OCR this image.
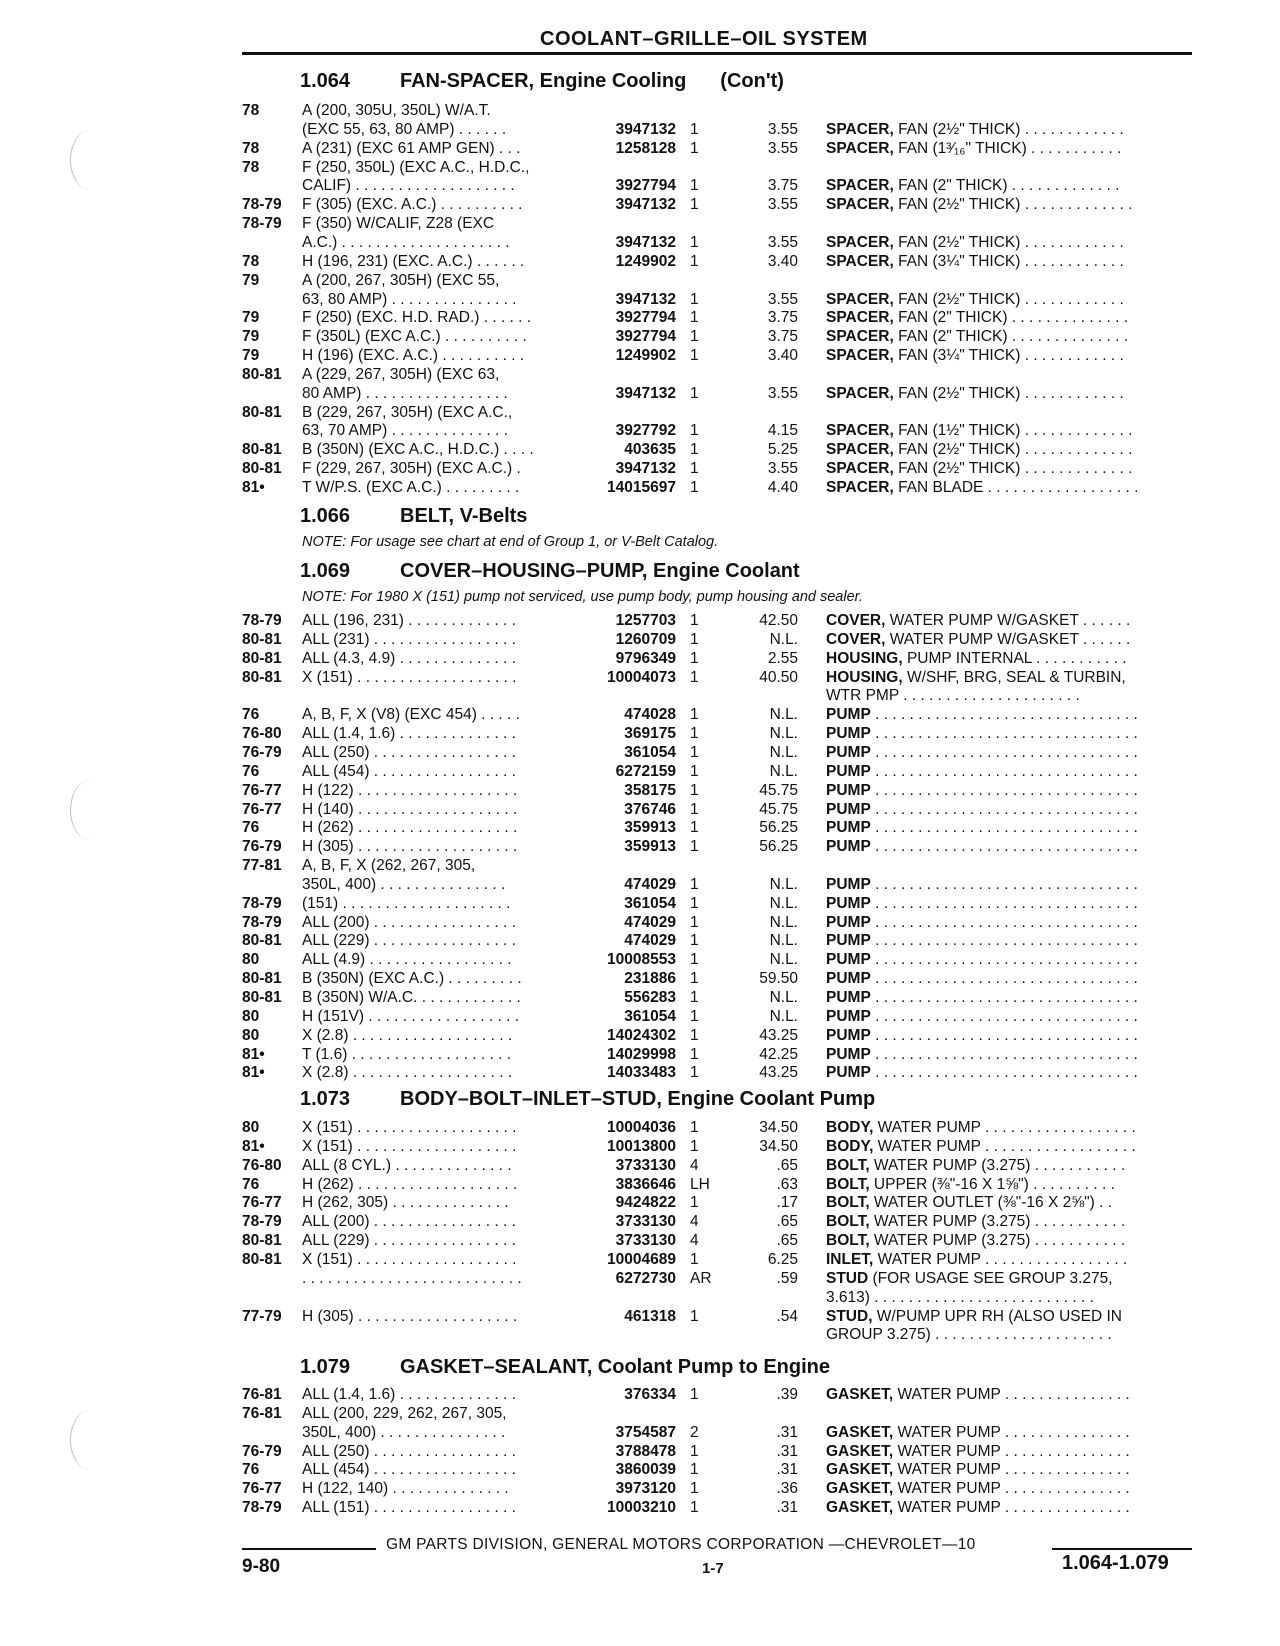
COOLANT–GRILLE–OIL SYSTEM
1.064 FAN-SPACER, Engine Cooling (Con't)
1.066 BELT, V-Belts
1.069 COVER–HOUSING–PUMP, Engine Coolant
1.073 BODY–BOLT–INLET–STUD, Engine Coolant Pump
1.079 GASKET–SEALANT, Coolant Pump to Engine
NOTE: For usage see chart at end of Group 1, or V-Belt Catalog.
NOTE: For 1980 X (151) pump not serviced, use pump body, pump housing and sealer.
78	A (200, 305U, 350L) W/A.T.
(EXC 55, 63, 80 AMP) . . . . . .	3947132 1	3.55 SPACER, FAN (2½" THICK) . . . . . . . . . . . .
78	A (231) (EXC 61 AMP GEN) . . .	1258128 1	3.55 SPACER, FAN (1³⁄₁₆" THICK) . . . . . . . . . . .
78	F (250, 350L) (EXC A.C., H.D.C.,
CALIF) . . . . . . . . . . . . . . . . . . .	3927794 1	3.75 SPACER, FAN (2" THICK) . . . . . . . . . . . . .
78-79 F (305) (EXC. A.C.) . . . . . . . . . .	3947132 1	3.55 SPACER, FAN (2½" THICK) . . . . . . . . . . . . .
78-79 F (350) W/CALIF, Z28 (EXC
A.C.) . . . . . . . . . . . . . . . . . . . .	3947132 1	3.55 SPACER, FAN (2½" THICK) . . . . . . . . . . . .
78	H (196, 231) (EXC. A.C.) . . . . . .	1249902 1	3.40 SPACER, FAN (3¼" THICK) . . . . . . . . . . . .
79	A (200, 267, 305H) (EXC 55,
63, 80 AMP) . . . . . . . . . . . . . . .	3947132 1	3.55 SPACER, FAN (2½" THICK) . . . . . . . . . . . .
79	F (250) (EXC. H.D. RAD.) . . . . . .	3927794 1	3.75 SPACER, FAN (2" THICK) . . . . . . . . . . . . . .
79	F (350L) (EXC A.C.) . . . . . . . . . .	3927794 1	3.75 SPACER, FAN (2" THICK) . . . . . . . . . . . . . .
79	H (196) (EXC. A.C.) . . . . . . . . . .	1249902 1	3.40 SPACER, FAN (3¼" THICK) . . . . . . . . . . . .
80-81 A (229, 267, 305H) (EXC 63,
80 AMP) . . . . . . . . . . . . . . . . .	3947132 1	3.55 SPACER, FAN (2½" THICK) . . . . . . . . . . . .
80-81 B (229, 267, 305H) (EXC A.C.,
63, 70 AMP) . . . . . . . . . . . . . .	3927792 1	4.15 SPACER, FAN (1½" THICK) . . . . . . . . . . . . .
80-81 B (350N) (EXC A.C., H.D.C.) . . . .	403635 1	5.25 SPACER, FAN (2½" THICK) . . . . . . . . . . . . .
80-81 F (229, 267, 305H) (EXC A.C.) .	3947132 1	3.55 SPACER, FAN (2½" THICK) . . . . . . . . . . . . .
81• T W/P.S. (EXC A.C.) . . . . . . . . .	14015697 1	4.40 SPACER, FAN BLADE . . . . . . . . . . . . . . . . . .
78-79 ALL (196, 231) . . . . . . . . . . . . .	1257703 1	42.50 COVER, WATER PUMP W/GASKET . . . . . .
80-81 ALL (231) . . . . . . . . . . . . . . . . .	1260709 1	N.L. COVER, WATER PUMP W/GASKET . . . . . .
80-81 ALL (4.3, 4.9) . . . . . . . . . . . . . .	9796349 1	2.55 HOUSING, PUMP INTERNAL . . . . . . . . . . .
80-81 X (151) . . . . . . . . . . . . . . . . . . .	10004073 1	40.50 HOUSING, W/SHF, BRG, SEAL & TURBIN,
WTR PMP . . . . . . . . . . . . . . . . . . . . .
76	A, B, F, X (V8) (EXC 454) . . . . .	474028 1	N.L. PUMP . . . . . . . . . . . . . . . . . . . . . . . . . . . . . . .
76-80 ALL (1.4, 1.6) . . . . . . . . . . . . . .	369175 1	N.L. PUMP . . . . . . . . . . . . . . . . . . . . . . . . . . . . . . .
76-79 ALL (250) . . . . . . . . . . . . . . . . .	361054 1	N.L. PUMP . . . . . . . . . . . . . . . . . . . . . . . . . . . . . . .
76	ALL (454) . . . . . . . . . . . . . . . . .	6272159 1	N.L. PUMP . . . . . . . . . . . . . . . . . . . . . . . . . . . . . . .
76-77 H (122) . . . . . . . . . . . . . . . . . . .	358175 1	45.75 PUMP . . . . . . . . . . . . . . . . . . . . . . . . . . . . . . .
76-77 H (140) . . . . . . . . . . . . . . . . . . .	376746 1	45.75 PUMP . . . . . . . . . . . . . . . . . . . . . . . . . . . . . . .
76	H (262) . . . . . . . . . . . . . . . . . . .	359913 1	56.25 PUMP . . . . . . . . . . . . . . . . . . . . . . . . . . . . . . .
76-79 H (305) . . . . . . . . . . . . . . . . . . .	359913 1	56.25 PUMP . . . . . . . . . . . . . . . . . . . . . . . . . . . . . . .
77-81 A, B, F, X (262, 267, 305,
350L, 400) . . . . . . . . . . . . . . .	474029 1	N.L. PUMP . . . . . . . . . . . . . . . . . . . . . . . . . . . . . . .
78-79 (151) . . . . . . . . . . . . . . . . . . . .	361054 1	N.L. PUMP . . . . . . . . . . . . . . . . . . . . . . . . . . . . . . .
78-79 ALL (200) . . . . . . . . . . . . . . . . .	474029 1	N.L. PUMP . . . . . . . . . . . . . . . . . . . . . . . . . . . . . . .
80-81 ALL (229) . . . . . . . . . . . . . . . . .	474029 1	N.L. PUMP . . . . . . . . . . . . . . . . . . . . . . . . . . . . . . .
80	ALL (4.9) . . . . . . . . . . . . . . . . .	10008553 1	N.L. PUMP . . . . . . . . . . . . . . . . . . . . . . . . . . . . . . .
80-81 B (350N) (EXC A.C.) . . . . . . . . .	231886 1	59.50 PUMP . . . . . . . . . . . . . . . . . . . . . . . . . . . . . . .
80-81 B (350N) W/A.C. . . . . . . . . . . . .	556283 1	N.L. PUMP . . . . . . . . . . . . . . . . . . . . . . . . . . . . . . .
80	H (151V) . . . . . . . . . . . . . . . . . .	361054 1	N.L. PUMP . . . . . . . . . . . . . . . . . . . . . . . . . . . . . . .
80	X (2.8) . . . . . . . . . . . . . . . . . . .	14024302 1	43.25 PUMP . . . . . . . . . . . . . . . . . . . . . . . . . . . . . . .
81• T (1.6) . . . . . . . . . . . . . . . . . . .	14029998 1	42.25 PUMP . . . . . . . . . . . . . . . . . . . . . . . . . . . . . . .
81• X (2.8) . . . . . . . . . . . . . . . . . . .	14033483 1	43.25 PUMP . . . . . . . . . . . . . . . . . . . . . . . . . . . . . . .
80	X (151) . . . . . . . . . . . . . . . . . . .	10004036 1	34.50 BODY, WATER PUMP . . . . . . . . . . . . . . . . . .
81• X (151) . . . . . . . . . . . . . . . . . . .	10013800 1	34.50 BODY, WATER PUMP . . . . . . . . . . . . . . . . . .
76-80 ALL (8 CYL.) . . . . . . . . . . . . . .	3733130 4	.65 BOLT, WATER PUMP (3.275) . . . . . . . . . . .
76	H (262) . . . . . . . . . . . . . . . . . . .	3836646 LH	.63 BOLT, UPPER (⅜"-16 X 1⅝") . . . . . . . . . .
76-77 H (262, 305) . . . . . . . . . . . . . .	9424822 1	.17 BOLT, WATER OUTLET (⅜"-16 X 2⅝") . .
78-79 ALL (200) . . . . . . . . . . . . . . . . .	3733130 4	.65 BOLT, WATER PUMP (3.275) . . . . . . . . . . .
80-81 ALL (229) . . . . . . . . . . . . . . . . .	3733130 4	.65 BOLT, WATER PUMP (3.275) . . . . . . . . . . .
80-81 X (151) . . . . . . . . . . . . . . . . . . .	10004689 1	6.25 INLET, WATER PUMP . . . . . . . . . . . . . . . . .
. . . . . . . . . . . . . . . . . . . . . . . . . .	6272730 AR	.59 STUD (FOR USAGE SEE GROUP 3.275,
3.613) . . . . . . . . . . . . . . . . . . . . . . . . . .
77-79 H (305) . . . . . . . . . . . . . . . . . . .	461318 1	.54 STUD, W/PUMP UPR RH (ALSO USED IN
GROUP 3.275) . . . . . . . . . . . . . . . . . . . . .
76-81 ALL (1.4, 1.6) . . . . . . . . . . . . . .	376334 1	.39 GASKET, WATER PUMP . . . . . . . . . . . . . . .
76-81 ALL (200, 229, 262, 267, 305,
350L, 400) . . . . . . . . . . . . . . .	3754587 2	.31 GASKET, WATER PUMP . . . . . . . . . . . . . . .
76-79 ALL (250) . . . . . . . . . . . . . . . . .	3788478 1	.31 GASKET, WATER PUMP . . . . . . . . . . . . . . .
76	ALL (454) . . . . . . . . . . . . . . . . .	3860039 1	.31 GASKET, WATER PUMP . . . . . . . . . . . . . . .
76-77 H (122, 140) . . . . . . . . . . . . . .	3973120 1	.36 GASKET, WATER PUMP . . . . . . . . . . . . . . .
78-79 ALL (151) . . . . . . . . . . . . . . . . .	10003210 1	.31 GASKET, WATER PUMP . . . . . . . . . . . . . . .
GM PARTS DIVISION, GENERAL MOTORS CORPORATION —CHEVROLET—10
9-80	1-7	1.064-1.079
